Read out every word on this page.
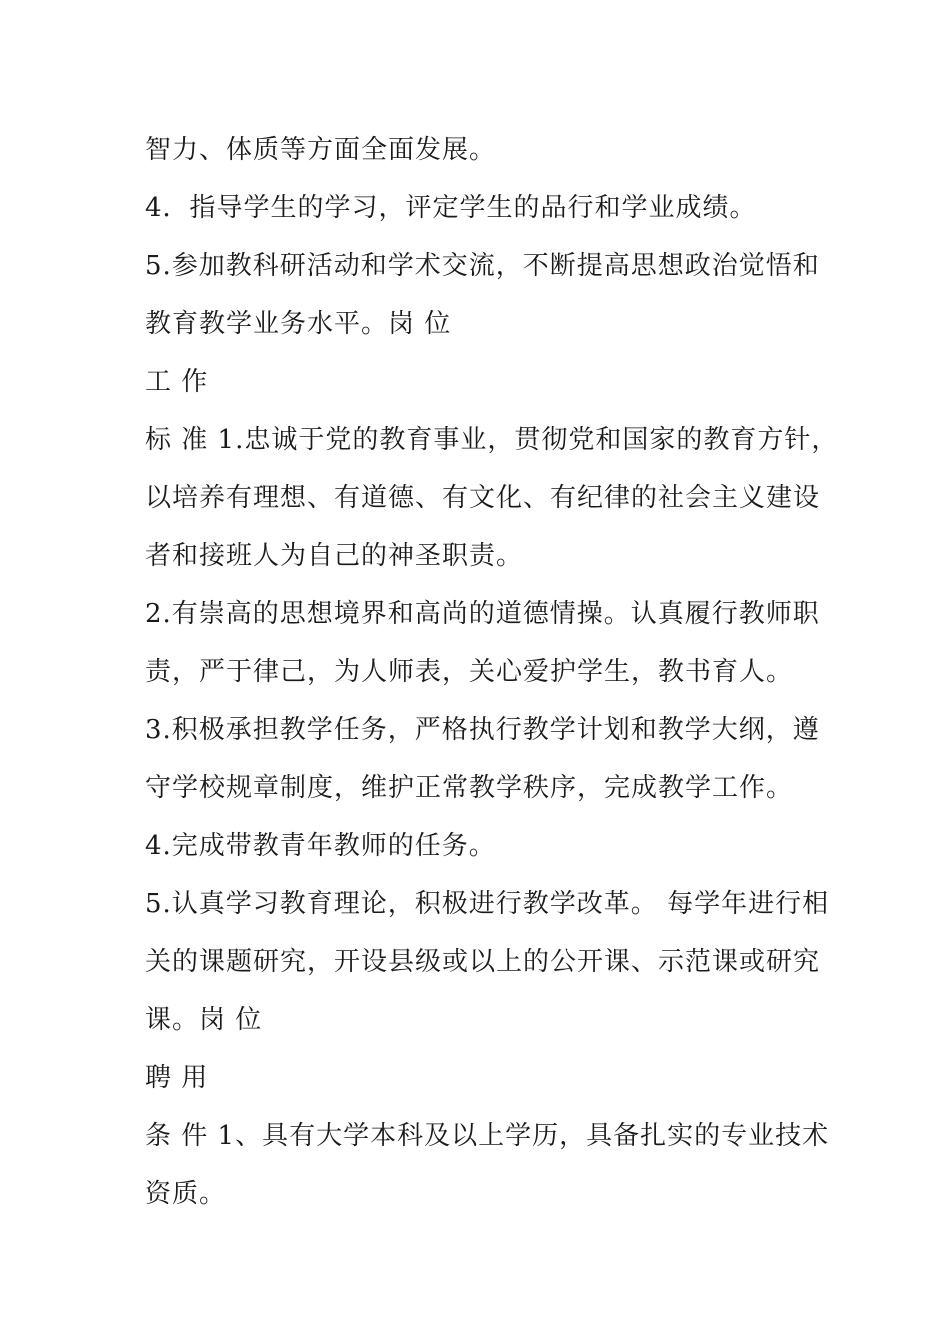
智力、体质等方面全面发展。
4．指导学生的学习，评定学生的品行和学业成绩。
5.参加教科研活动和学术交流，不断提高思想政治觉悟和
教育教学业务水平。岗 位
工 作
标 准 1.忠诚于党的教育事业，贯彻党和国家的教育方针，
以培养有理想、有道德、有文化、有纪律的社会主义建设
者和接班人为自己的神圣职责。
2.有崇高的思想境界和高尚的道德情操。认真履行教师职
责，严于律己，为人师表，关心爱护学生，教书育人。
3.积极承担教学任务，严格执行教学计划和教学大纲，遵
守学校规章制度，维护正常教学秩序，完成教学工作。
4.完成带教青年教师的任务。
5.认真学习教育理论，积极进行教学改革。 每学年进行相
关的课题研究，开设县级或以上的公开课、示范课或研究
课。岗 位
聘 用
条 件 1、具有大学本科及以上学历，具备扎实的专业技术
资质。
